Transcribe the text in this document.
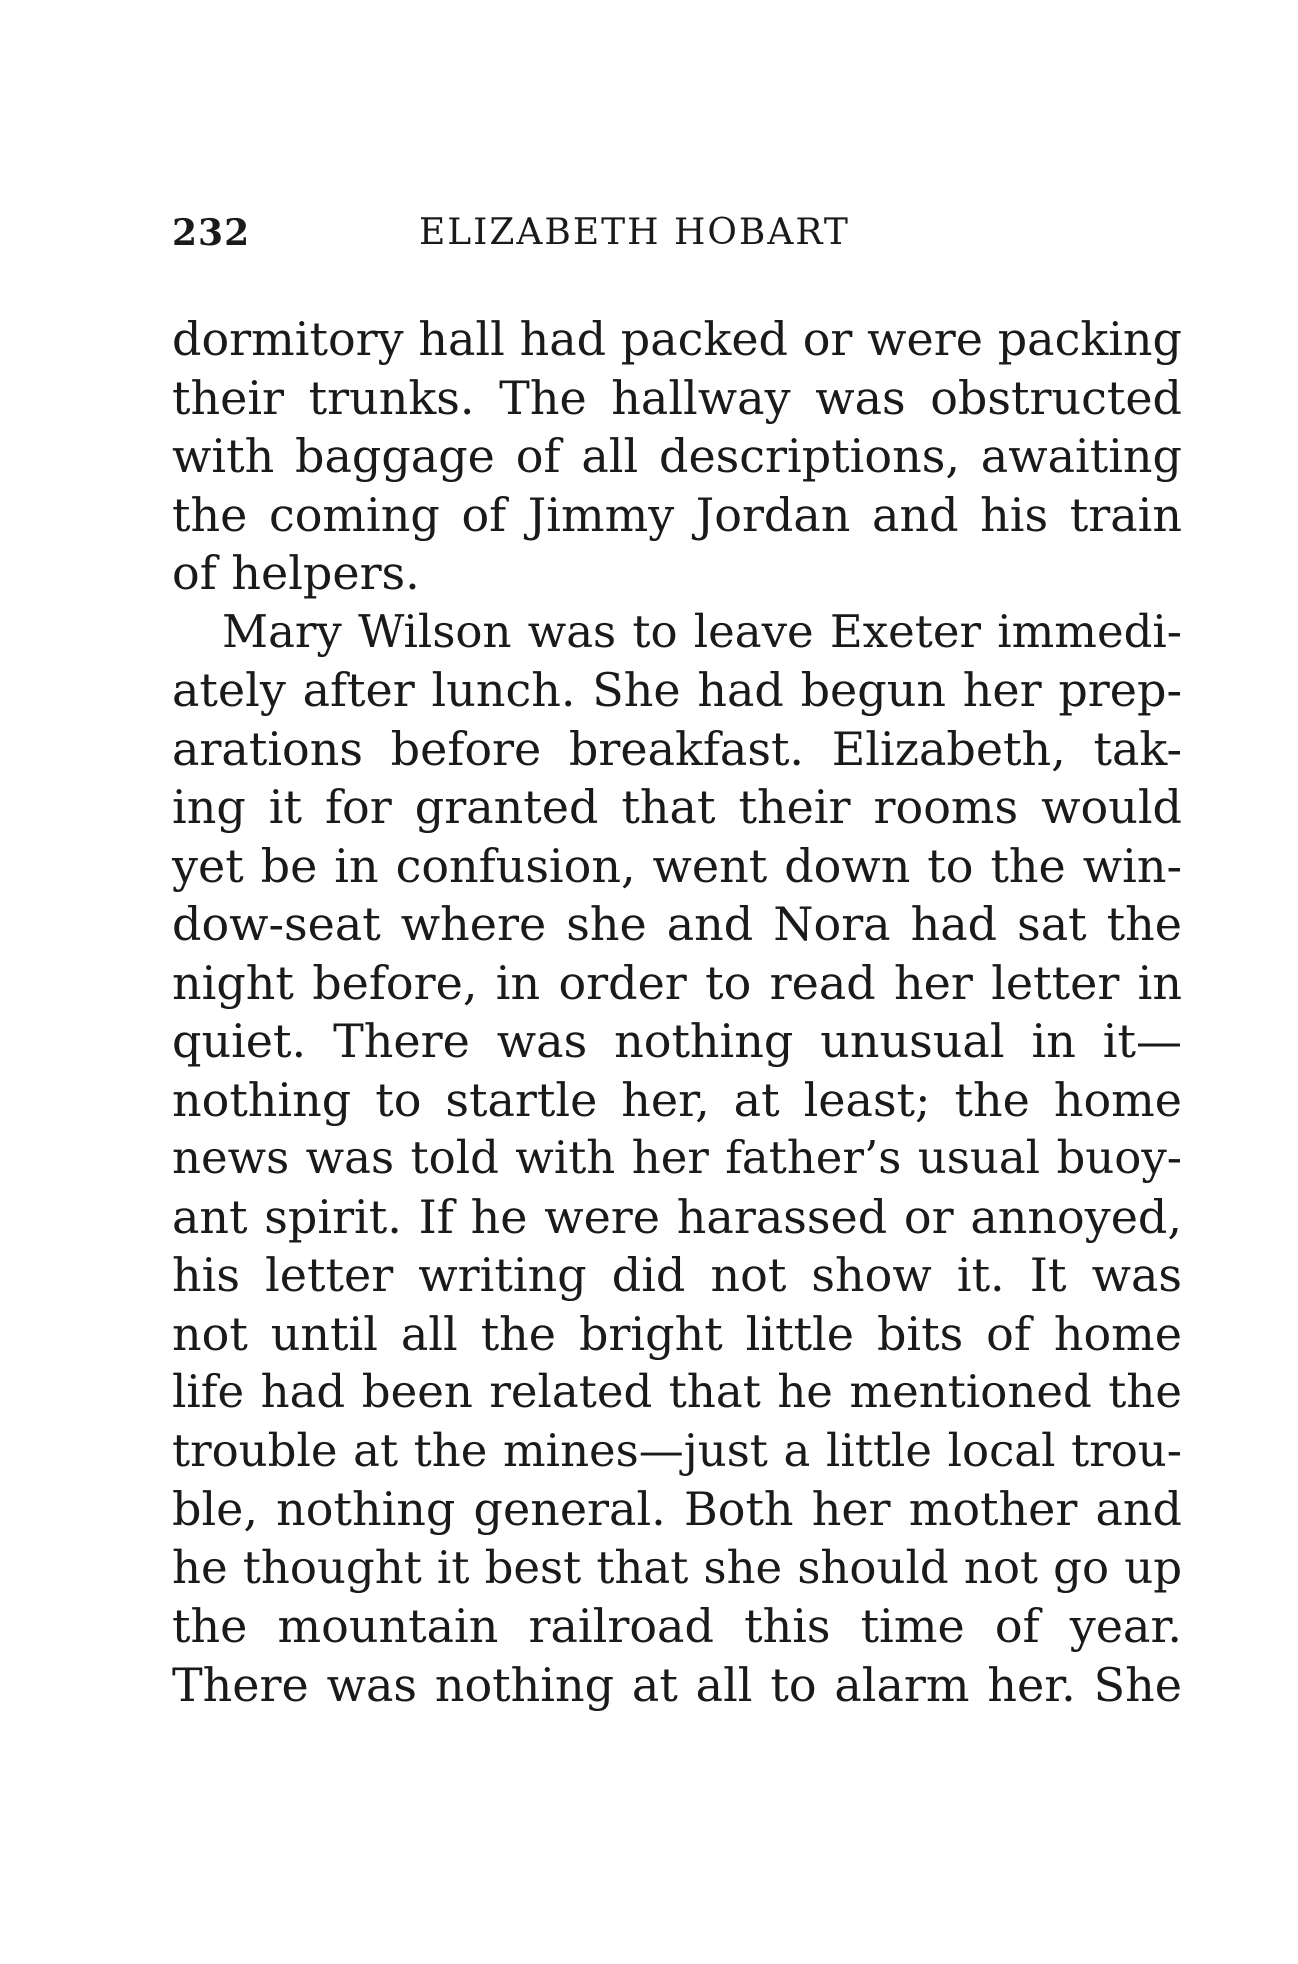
232	ELIZABETH HOBART
dormitory hall had packed or were packing
their trunks. The hallway was obstructed
with baggage of all descriptions, awaiting
the coming of Jimmy Jordan and his train
of helpers.
Mary Wilson was to leave Exeter immedi-
ately after lunch. She had begun her prep-
arations before breakfast. Elizabeth, tak-
ing it for granted that their rooms would
yet be in confusion, went down to the win-
dow-seat where she and Nora had sat the
night before, in order to read her letter in
quiet. There was nothing unusual in it—
nothing to startle her, at least; the home
news was told with her father’s usual buoy-
ant spirit. If he were harassed or annoyed,
his letter writing did not show it. It was
not until all the bright little bits of home
life had been related that he mentioned the
trouble at the mines—just a little local trou-
ble, nothing general. Both her mother and
he thought it best that she should not go up
the mountain railroad this time of year.
There was nothing at all to alarm her. She
